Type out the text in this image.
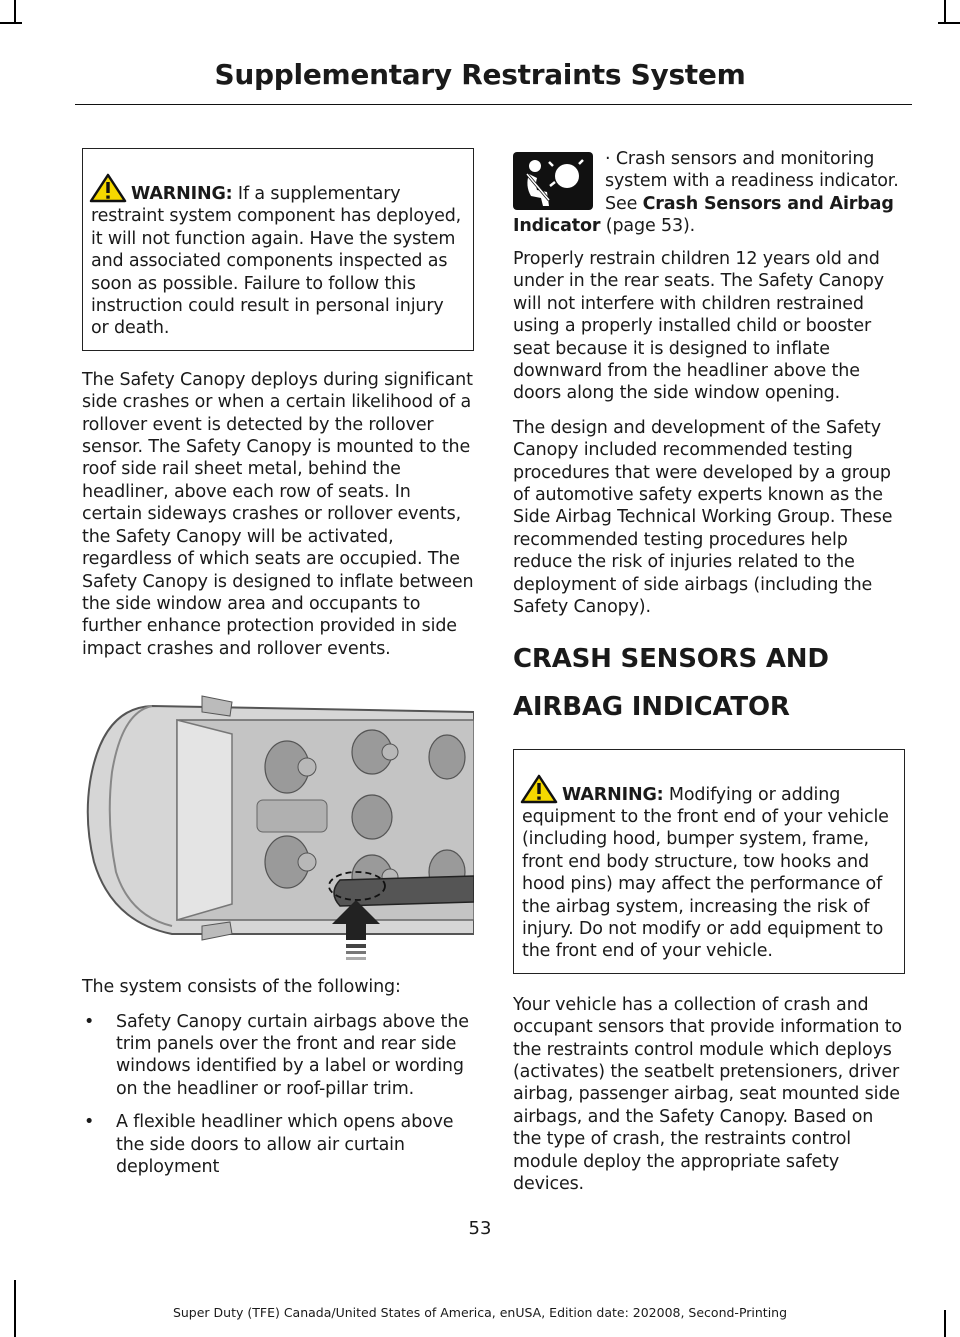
Supplementary Restraints System

WARNING: If a supplementary restraint system component has deployed, it will not function again. Have the system and associated components inspected as soon as possible. Failure to follow this instruction could result in personal injury or death.

The Safety Canopy deploys during significant side crashes or when a certain likelihood of a rollover event is detected by the rollover sensor. The Safety Canopy is mounted to the roof side rail sheet metal, behind the headliner, above each row of seats. In certain sideways crashes or rollover events, the Safety Canopy will be activated, regardless of which seats are occupied. The Safety Canopy is designed to inflate between the side window area and occupants to further enhance protection provided in side impact crashes and rollover events.

The system consists of the following:

• Safety Canopy curtain airbags above the trim panels over the front and rear side windows identified by a label or wording on the headliner or roof-pillar trim.
• A flexible headliner which opens above the side doors to allow air curtain deployment
· Crash sensors and monitoring system with a readiness indicator. See Crash Sensors and Airbag Indicator (page 53).

Properly restrain children 12 years old and under in the rear seats. The Safety Canopy will not interfere with children restrained using a properly installed child or booster seat because it is designed to inflate downward from the headliner above the doors along the side window opening.

The design and development of the Safety Canopy included recommended testing procedures that were developed by a group of automotive safety experts known as the Side Airbag Technical Working Group. These recommended testing procedures help reduce the risk of injuries related to the deployment of side airbags (including the Safety Canopy).

CRASH SENSORS AND
AIRBAG INDICATOR

WARNING: Modifying or adding equipment to the front end of your vehicle (including hood, bumper system, frame, front end body structure, tow hooks and hood pins) may affect the performance of the airbag system, increasing the risk of injury. Do not modify or add equipment to the front end of your vehicle.

Your vehicle has a collection of crash and occupant sensors that provide information to the restraints control module which deploys (activates) the seatbelt pretensioners, driver airbag, passenger airbag, seat mounted side airbags, and the Safety Canopy. Based on the type of crash, the restraints control module deploy the appropriate safety devices.

53
Super Duty (TFE) Canada/United States of America, enUSA, Edition date: 202008, Second-Printing
